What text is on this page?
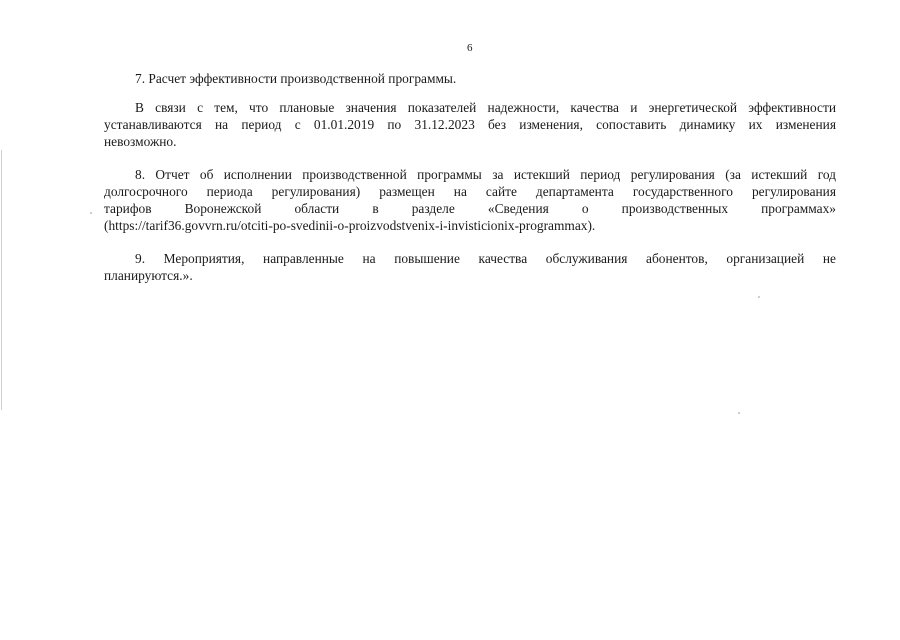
6

7. Расчет эффективности производственной программы.

В связи с тем, что плановые значения показателей надежности, качества и энергетической эффективности
устанавливаются на период с 01.01.2019 по 31.12.2023 без изменения, сопоставить динамику их изменения
невозможно.

8. Отчет об исполнении производственной программы за истекший период регулирования (за истекший год
долгосрочного периода регулирования) размещен на сайте департамента государственного регулирования
тарифов Воронежской области в разделе «Сведения о производственных программах»
(https://tarif36.govvrn.ru/otciti-po-svedinii-o-proizvodstvenix-i-invisticionix-programmax).

9. Мероприятия, направленные на повышение качества обслуживания абонентов, организацией не
планируются.».
